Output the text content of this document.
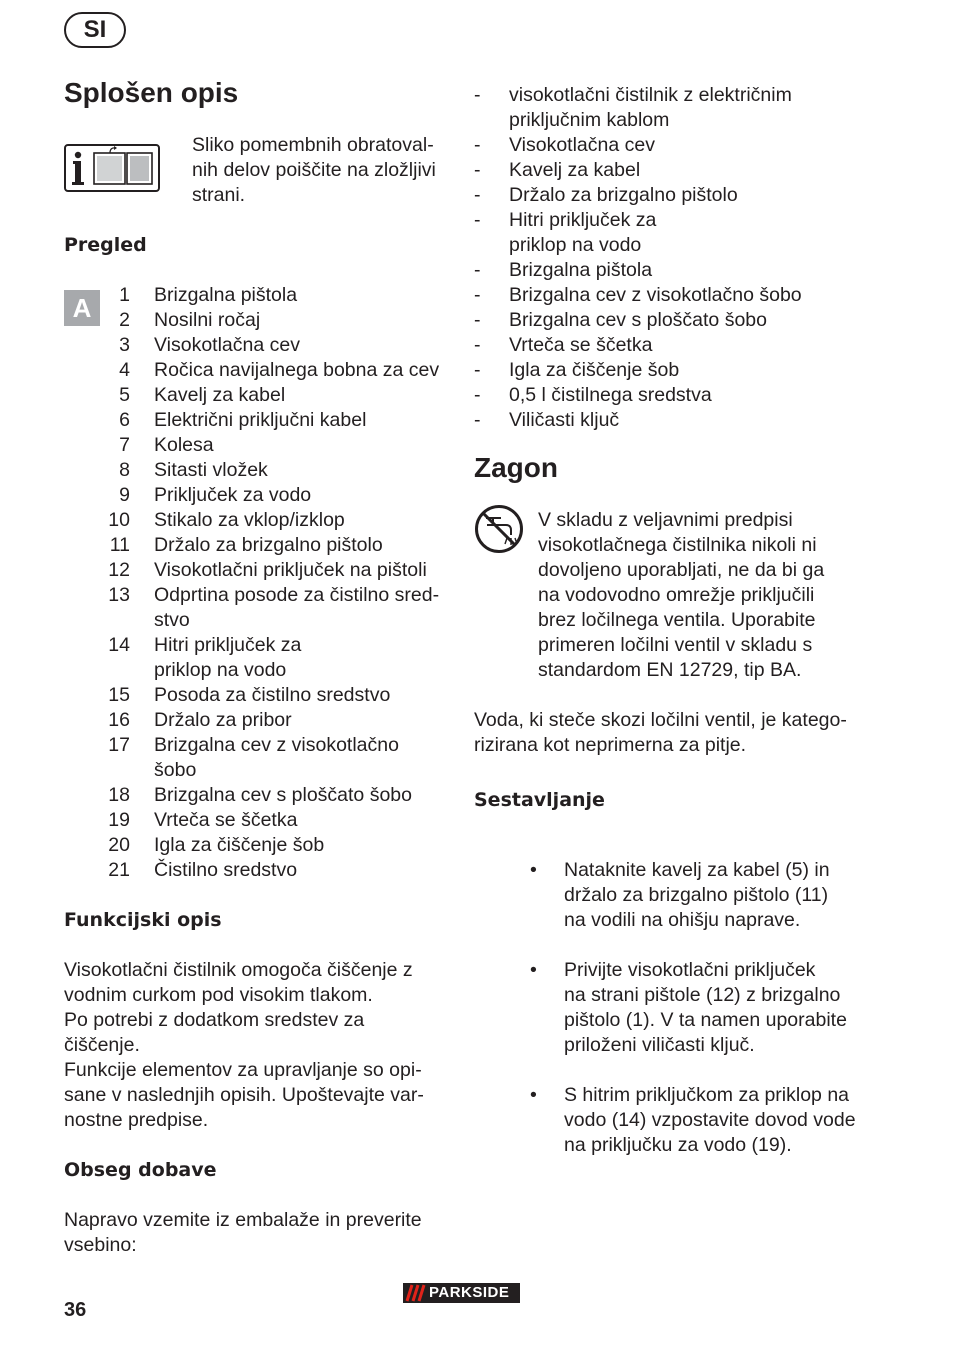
SI
Splošen opis
Sliko pomembnih obratoval-
nih delov poiščite na zložljivi
strani.
Pregled
A	1 Brizgalna pištola
2 Nosilni ročaj
3 Visokotlačna cev
4 Ročica navijalnega bobna za cev
5 Kavelj za kabel
6 Električni priključni kabel
7 Kolesa
8 Sitasti vložek
9 Priključek za vodo
10 Stikalo za vklop/izklop
11 Držalo za brizgalno pištolo
12 Visokotlačni priključek na pištoli
13 Odprtina posode za čistilno sred-
stvo
14 Hitri priključek za
priklop na vodo
15 Posoda za čistilno sredstvo
16 Držalo za pribor
17 Brizgalna cev z visokotlačno
šobo
18 Brizgalna cev s ploščato šobo
19 Vrteča se ščetka
20 Igla za čiščenje šob
21 Čistilno sredstvo
Funkcijski opis
Visokotlačni čistilnik omogoča čiščenje z
vodnim curkom pod visokim tlakom.
Po potrebi z dodatkom sredstev za
čiščenje.
Funkcije elementov za upravljanje so opi-
sane v naslednjih opisih. Upoštevajte var-
nostne predpise.
Obseg dobave
Napravo vzemite iz embalaže in preverite
vsebino:
-	visokotlačni čistilnik z električnim
priključnim kablom
-	Visokotlačna cev
-	Kavelj za kabel
-	Držalo za brizgalno pištolo
-	Hitri priključek za
priklop na vodo
-	Brizgalna pištola
-	Brizgalna cev z visokotlačno šobo
-	Brizgalna cev s ploščato šobo
-	Vrteča se ščetka
-	Igla za čiščenje šob
-	0,5 l čistilnega sredstva
-	Viličasti ključ
Zagon
V skladu z veljavnimi predpisi
visokotlačnega čistilnika nikoli ni
dovoljeno uporabljati, ne da bi ga
na vodovodno omrežje priključili
brez ločilnega ventila. Uporabite
primeren ločilni ventil v skladu s
standardom EN 12729, tip BA.
Voda, ki steče skozi ločilni ventil, je katego-
rizirana kot neprimerna za pitje.
Sestavljanje
•	Nataknite kavelj za kabel (5) in
držalo za brizgalno pištolo (11)
na vodili na ohišju naprave.
•	Privijte visokotlačni priključek
na strani pištole (12) z brizgalno
pištolo (1). V ta namen uporabite
priloženi viličasti ključ.
•	S hitrim priključkom za priklop na
vodo (14) vzpostavite dovod vode
na priključku za vodo (19).
36
PARKSIDE
